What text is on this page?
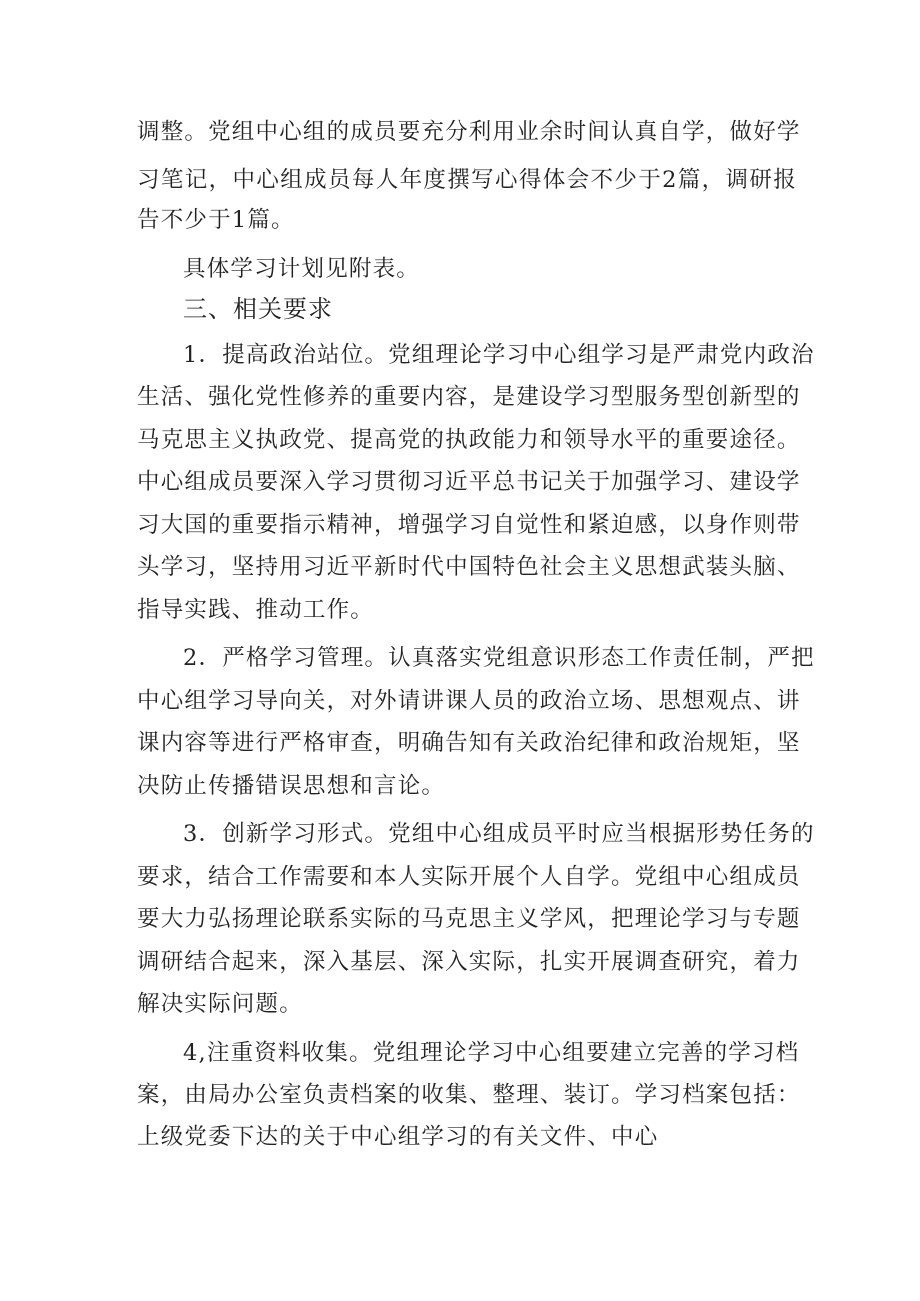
调整。党组中心组的成员要充分利用业余时间认真自学，做好学
习笔记，中心组成员每人年度撰写心得体会不少于2篇，调研报
告不少于1篇。
具体学习计划见附表。
三、相关要求
1．提高政治站位。党组理论学习中心组学习是严肃党内政治
生活、强化党性修养的重要内容，是建设学习型服务型创新型的
马克思主义执政党、提高党的执政能力和领导水平的重要途径。
中心组成员要深入学习贯彻习近平总书记关于加强学习、建设学
习大国的重要指示精神，增强学习自觉性和紧迫感，以身作则带
头学习，坚持用习近平新时代中国特色社会主义思想武装头脑、
指导实践、推动工作。
2．严格学习管理。认真落实党组意识形态工作责任制，严把
中心组学习导向关，对外请讲课人员的政治立场、思想观点、讲
课内容等进行严格审查，明确告知有关政治纪律和政治规矩，坚
决防止传播错误思想和言论。
3．创新学习形式。党组中心组成员平时应当根据形势任务的
要求，结合工作需要和本人实际开展个人自学。党组中心组成员
要大力弘扬理论联系实际的马克思主义学风，把理论学习与专题
调研结合起来，深入基层、深入实际，扎实开展调查研究，着力
解决实际问题。
4,注重资料收集。党组理论学习中心组要建立完善的学习档
案，由局办公室负责档案的收集、整理、装订。学习档案包括：
上级党委下达的关于中心组学习的有关文件、中心
